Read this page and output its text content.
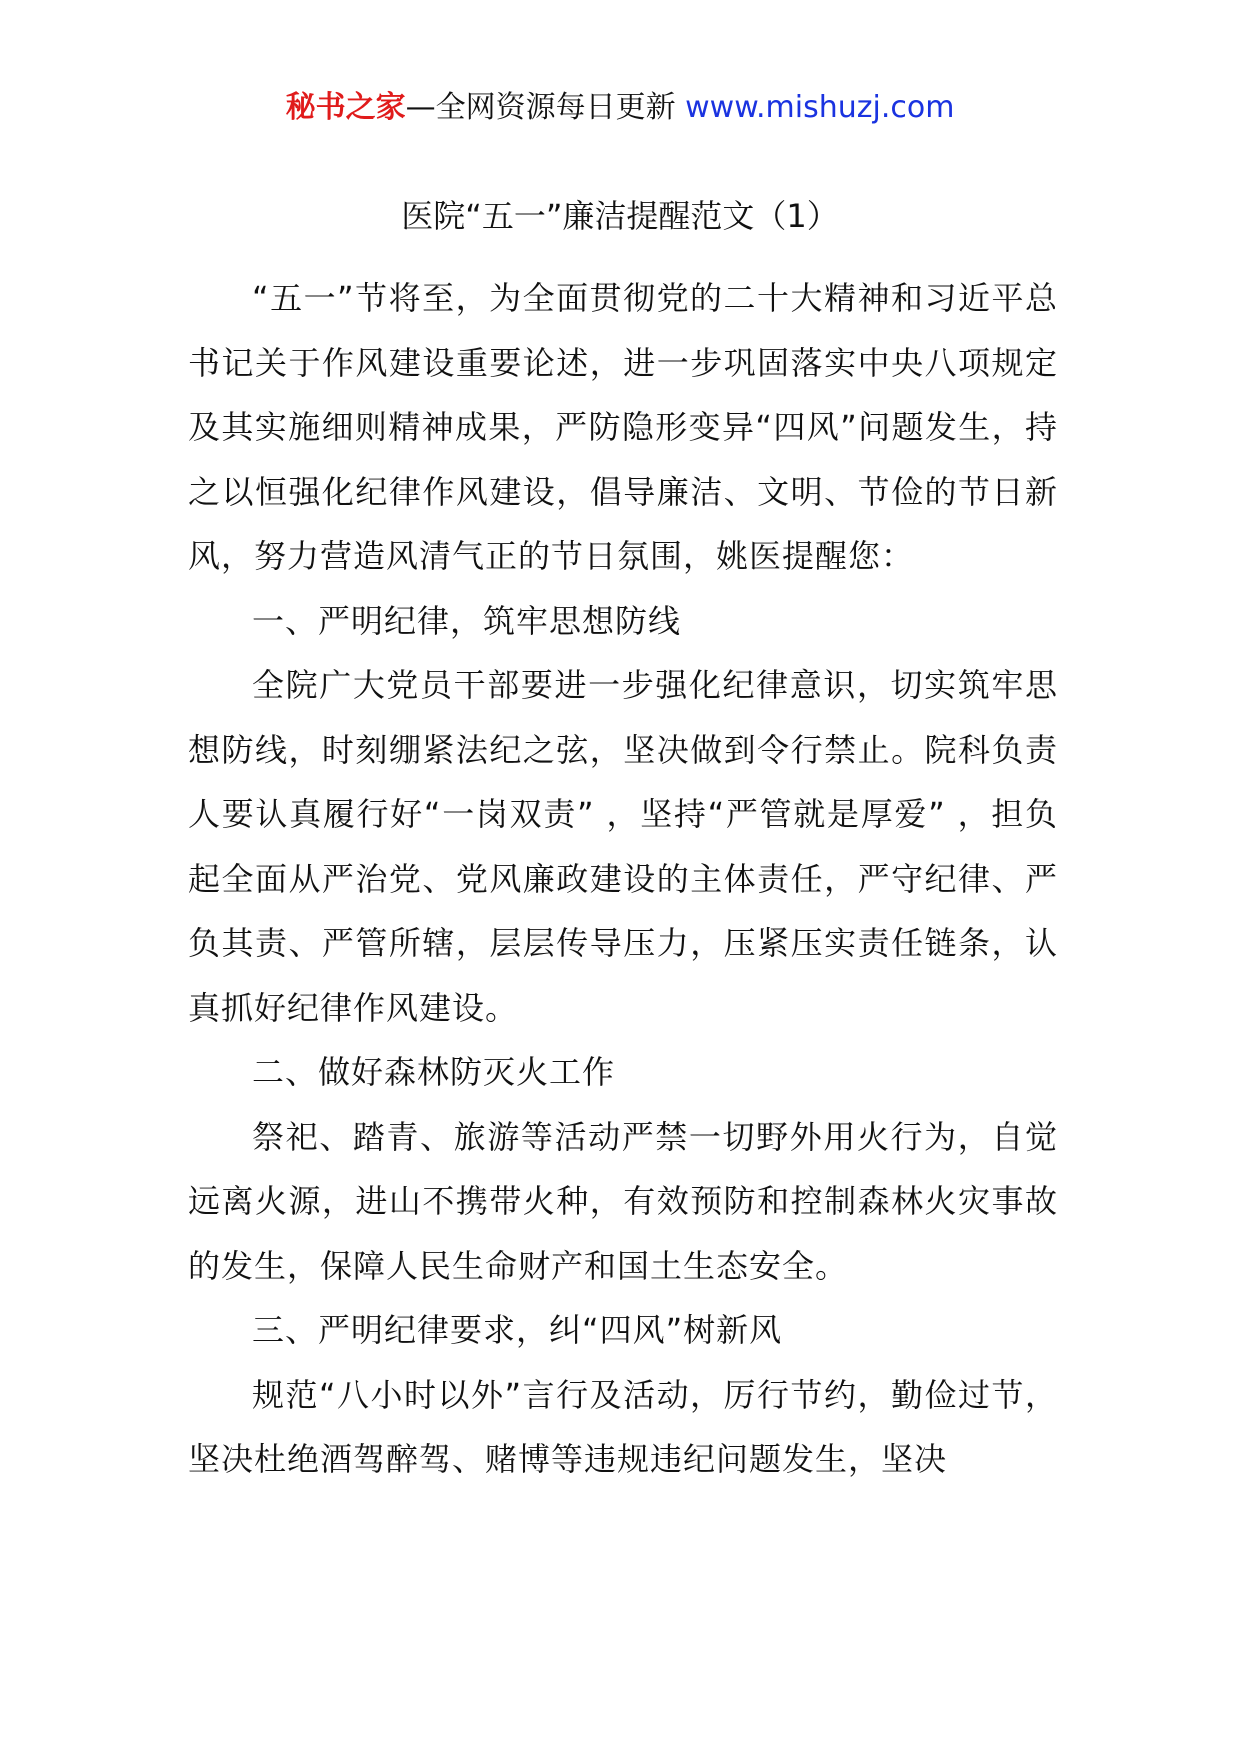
秘书之家—全网资源每日更新 www.mishuzj.com
医院“五一”廉洁提醒范文（1）

“五一”节将至，为全面贯彻党的二十大精神和习近平总书记关于作风建设重要论述，进一步巩固落实中央八项规定及其实施细则精神成果，严防隐形变异“四风”问题发生，持之以恒强化纪律作风建设，倡导廉洁、文明、节俭的节日新风，努力营造风清气正的节日氛围，姚医提醒您：

一、严明纪律，筑牢思想防线

全院广大党员干部要进一步强化纪律意识，切实筑牢思想防线，时刻绷紧法纪之弦，坚决做到令行禁止。院科负责人要认真履行好“一岗双责” ，坚持“严管就是厚爱” ，担负起全面从严治党、党风廉政建设的主体责任，严守纪律、严负其责、严管所辖，层层传导压力，压紧压实责任链条，认真抓好纪律作风建设。

二、做好森林防灭火工作

祭祀、踏青、旅游等活动严禁一切野外用火行为，自觉远离火源，进山不携带火种，有效预防和控制森林火灾事故的发生，保障人民生命财产和国土生态安全。

三、严明纪律要求，纠“四风”树新风

规范“八小时以外”言行及活动，厉行节约，勤俭过节，坚决杜绝酒驾醉驾、赌博等违规违纪问题发生，坚决
